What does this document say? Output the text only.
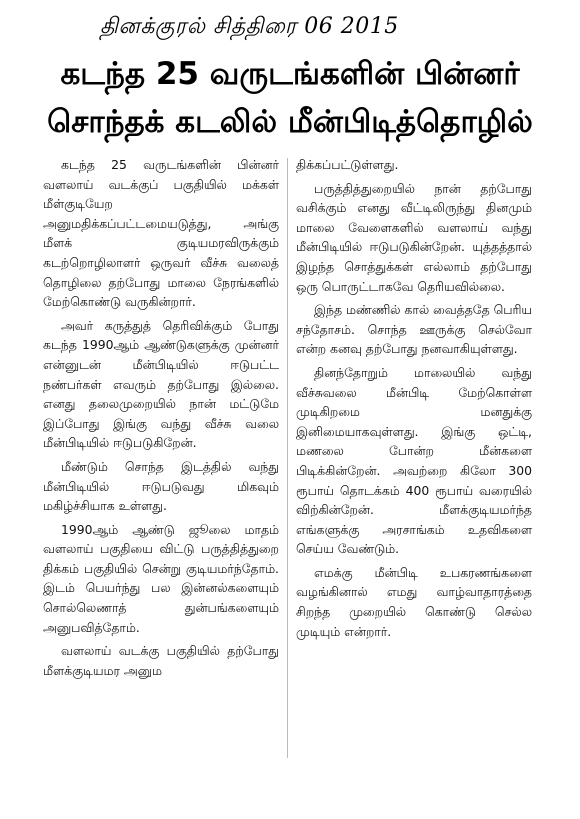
தினக்குரல் சித்திரை 06 2015
கடந்த 25 வருடங்களின் பின்னர்
சொந்தக் கடலில் மீன்பிடித்தொழில்

கடந்த 25 வருடங்களின் பின்னர் வளலாய் வடக்குப் பகுதியில் மக்கள் மீள்குடியேற அனுமதிக்கப்பட்டமையடுத்து, அங்கு மீளக் குடியமரவிருக்கும் கடற்றொழிலாளர் ஒருவர் வீச்சு வலைத் தொழிலை தற்போது மாலை நேரங்களில் மேற்கொண்டு வருகின்றார்.

அவர் கருத்துத் தெரிவிக்கும் போது கடந்த 1990ஆம் ஆண்டுகளுக்கு முன்னர் என்னுடன் மீன்பிடியில் ஈடுபட்ட நண்பர்கள் எவரும் தற்போது இல்லை. எனது தலைமுறையில் நான் மட்டுமே இப்போது இங்கு வந்து வீச்சு வலை மீன்பிடியில் ஈடுபடுகிறேன்.

மீண்டும் சொந்த இடத்தில் வந்து மீன்பிடியில் ஈடுபடுவது மிகவும் மகிழ்ச்சியாக உள்ளது.

1990ஆம் ஆண்டு ஜூலை மாதம் வளலாய் பகுதியை விட்டு பருத்தித்துறை திக்கம் பகுதியில் சென்று குடியமர்ந்தோம். இடம் பெயர்ந்து பல இன்னல்களையும் சொல்லெணாத் துன்பங்களையும் அனுபவித்தோம்.

வளலாய் வடக்கு பகுதியில் தற்போது மீளக்குடியமர அனும

திக்கப்பட்டுள்ளது.

பருத்தித்துறையில் நான் தற்போது வசிக்கும் எனது வீட்டிலிருந்து தினமும் மாலை வேளைகளில் வளலாய் வந்து மீன்பிடியில் ஈடுபடுகின்றேன். யுத்தத்தால் இழந்த சொத்துக்கள் எல்லாம் தற்போது ஒரு பொருட்டாகவே தெரியவில்லை.

இந்த மண்ணில் கால் வைத்ததே பெரிய சந்தோசம். சொந்த ஊருக்கு செல்வோ என்ற கனவு தற்போது நனவாகியுள்ளது.

தினந்தோறும் மாலையில் வந்து வீச்சுவலை மீன்பிடி மேற்கொள்ள முடிகிறமை மனதுக்கு இனிமையாகவுள்ளது. இங்கு ஒட்டி, மணலை போன்ற மீன்களை பிடிக்கின்றேன். அவற்றை கிலோ 300 ரூபாய் தொடக்கம் 400 ரூபாய் வரையில் விற்கின்றேன். மீளக்குடியமர்ந்த எங்களுக்கு அரசாங்கம் உதவிகளை செய்ய வேண்டும்.

எமக்கு மீன்பிடி உபகரணங்களை வழங்கினால் எமது வாழ்வாதாரத்தை சிறந்த முறையில் கொண்டு செல்ல முடியும் என்றார்.
